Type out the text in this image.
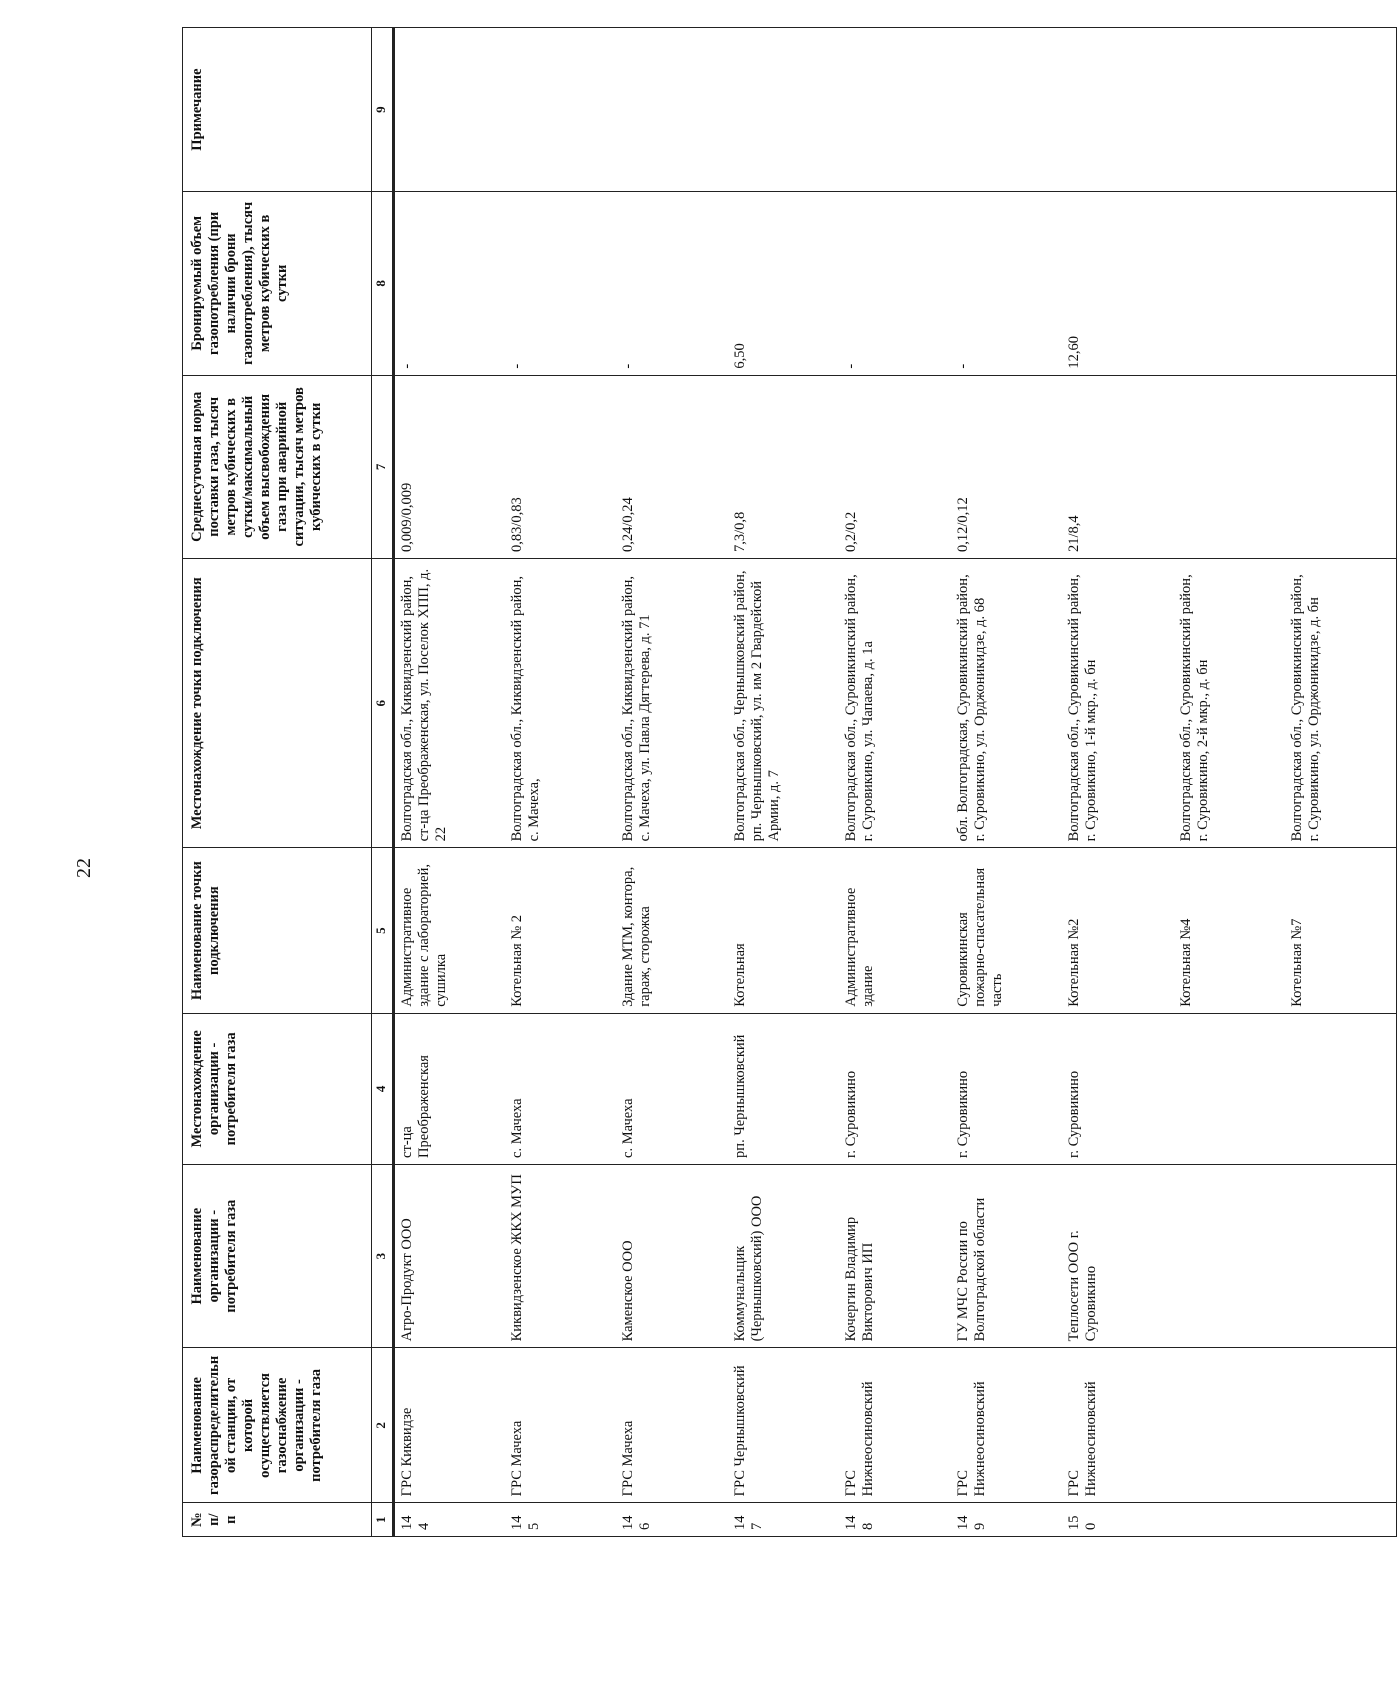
22
№ п/п	Наименование газораспределительной станции, от которой осуществляется газоснабжение организации - потребителя газа	Наименование организации - потребителя газа	Местонахождение организации - потребителя газа	Наименование точки подключения	Местонахождение точки подключения	Среднесуточная норма поставки газа, тысяч метров кубических в сутки/максимальный объем высвобождения газа при аварийной ситуации, тысяч метров кубических в сутки	Бронируемый объем газопотребления (при наличии брони газопотребления), тысяч метров кубических в сутки	Примечание
1	2	3	4	5	6	7	8	9
144	ГРС Киквидзе	Агро-Продукт ООО	ст-ца Преображенская	Административное здание с лабораторией, сушилка	Волгоградская обл., Киквидзенский район, ст-ца Преображенская, ул. Поселок ХПП, д. 22	0,009/0,009	-	
145	ГРС Мачеха	Киквидзенское ЖКХ МУП	с. Мачеха	Котельная № 2	Волгоградская обл., Киквидзенский район, с. Мачеха,	0,83/0,83	-	
146	ГРС Мачеха	Каменское ООО	с. Мачеха	Здание МТМ, контора, гараж, сторожка	Волгоградская обл., Киквидзенский район, с. Мачеха, ул. Павла Дягтерева, д. 71	0,24/0,24	-	
147	ГРС Чернышковский	Коммунальщик (Чернышковский) ООО	рп. Чернышковский	Котельная	Волгоградская обл., Чернышковский район, рп. Чернышковский, ул. им 2 Гвардейской Армии, д. 7	7,3/0,8	6,50	
148	ГРС Нижнеосиновский	Кочергин Владимир Викторович ИП	г. Суровикино	Административное здание	Волгоградская обл., Суровикинский район, г. Суровикино, ул. Чапаева, д. 1а	0,2/0,2	-	
149	ГРС Нижнеосиновский	ГУ МЧС России по Волгоградской области	г. Суровикино	Суровикинская пожарно-спасательная часть	обл. Волгоградская, Суровикинский район, г. Суровикино, ул. Орджоникидзе, д. 68	0,12/0,12	-	
150	ГРС Нижнеосиновский	Теплосети ООО г. Суровикино	г. Суровикино	Котельная №2	Волгоградская обл., Суровикинский район, г. Суровикино, 1-й мкр., д. бн	21/8,4	12,60	
				Котельная №4	Волгоградская обл., Суровикинский район, г. Суровикино, 2-й мкр., д. бн			
				Котельная №7	Волгоградская обл., Суровикинский район, г. Суровикино, ул. Орджоникидзе, д. бн			
